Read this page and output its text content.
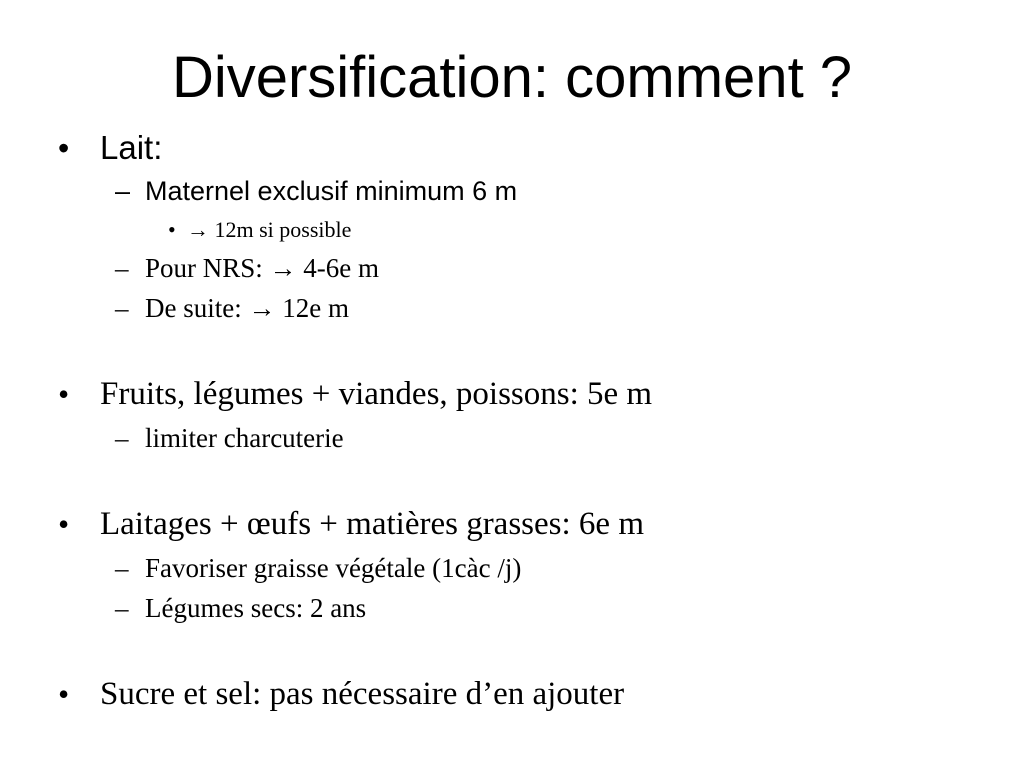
Diversification: comment ?
• Lait:
– Maternel exclusif minimum 6 m
• → 12m si possible
– Pour NRS: → 4-6e m
– De suite: → 12e m
• Fruits, légumes + viandes, poissons: 5e m
– limiter charcuterie
• Laitages + œufs + matières grasses: 6e m
– Favoriser graisse végétale (1càc /j)
– Légumes secs: 2 ans
• Sucre et sel: pas nécessaire d’en ajouter
